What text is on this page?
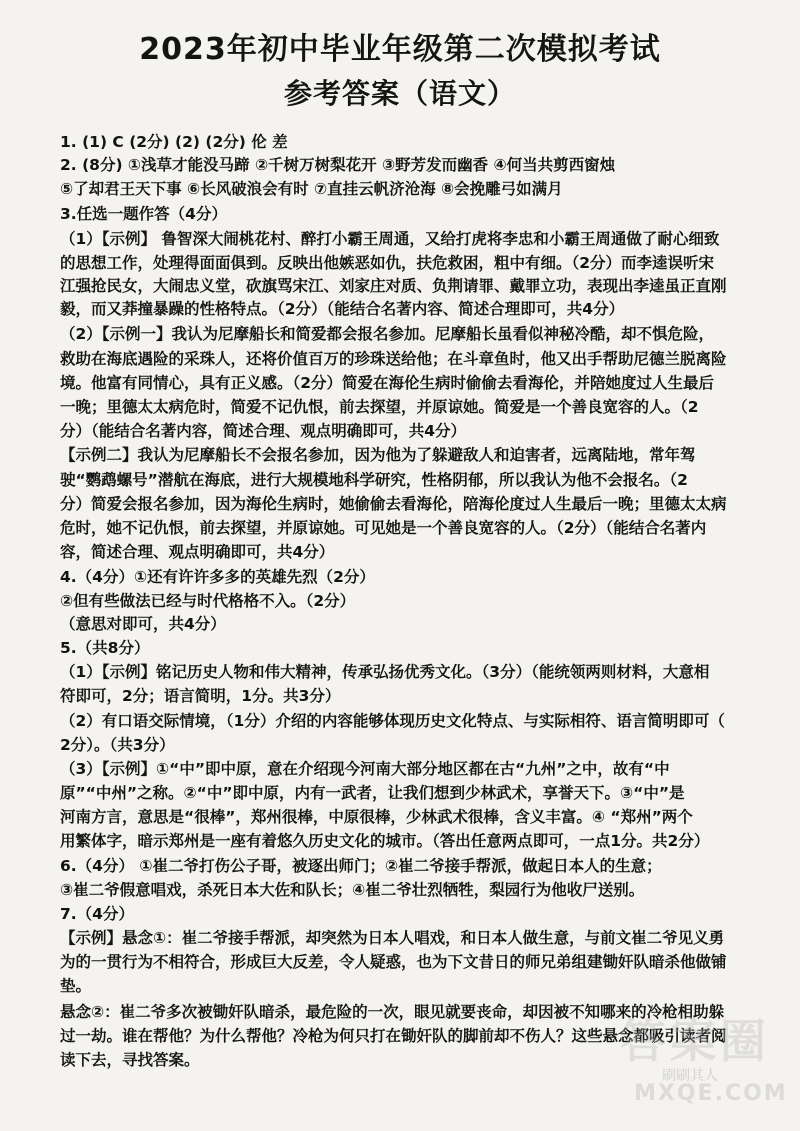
2023年初中毕业年级第二次模拟考试
参考答案（语文）
1. (1) C (2分) (2) (2分) 伦 差
2. (8分) ①浅草才能没马蹄 ②千树万树梨花开 ③野芳发而幽香 ④何当共剪西窗烛
⑤了却君王天下事 ⑥长风破浪会有时 ⑦直挂云帆济沧海 ⑧会挽雕弓如满月
3.任选一题作答（4分）
（1）【示例】 鲁智深大闹桃花村、醉打小霸王周通，又给打虎将李忠和小霸王周通做了耐心细致
的思想工作，处理得面面俱到。反映出他嫉恶如仇，扶危救困，粗中有细。（2分）而李逵误听宋
江强抢民女，大闹忠义堂，砍旗骂宋江、刘家庄对质、负荆请罪、戴罪立功，表现出李逵虽正直刚
毅，而又莽撞暴躁的性格特点。（2分）（能结合名著内容、简述合理即可，共4分）
（2）【示例一】我认为尼摩船长和简爱都会报名参加。尼摩船长虽看似神秘冷酷，却不惧危险，
救助在海底遇险的采珠人，还将价值百万的珍珠送给他；在斗章鱼时，他又出手帮助尼德兰脱离险
境。他富有同情心，具有正义感。（2分）简爱在海伦生病时偷偷去看海伦，并陪她度过人生最后
一晚；里德太太病危时，简爱不记仇恨，前去探望，并原谅她。简爱是一个善良宽容的人。（2
分）（能结合名著内容，简述合理、观点明确即可，共4分）
【示例二】我认为尼摩船长不会报名参加，因为他为了躲避敌人和迫害者，远离陆地，常年驾
驶“鹦鹉螺号”潜航在海底，进行大规模地科学研究，性格阴郁，所以我认为他不会报名。（2
分）简爱会报名参加，因为海伦生病时，她偷偷去看海伦，陪海伦度过人生最后一晚；里德太太病
危时，她不记仇恨，前去探望，并原谅她。可见她是一个善良宽容的人。（2分）（能结合名著内
容，简述合理、观点明确即可，共4分）
4.（4分）①还有许许多多的英雄先烈（2分）
②但有些做法已经与时代格格不入。（2分）
（意思对即可，共4分）
5.（共8分）
（1）【示例】铭记历史人物和伟大精神，传承弘扬优秀文化。（3分）（能统领两则材料，大意相
符即可，2分；语言简明，1分。共3分）
（2）有口语交际情境，（1分）介绍的内容能够体现历史文化特点、与实际相符、语言简明即可（
2分）。（共3分）
（3）【示例】①“中”即中原，意在介绍现今河南大部分地区都在古“九州”之中，故有“中
原”“中州”之称。②“中”即中原，内有一武者，让我们想到少林武术，享誉天下。③“中”是
河南方言，意思是“很棒”，郑州很棒，中原很棒，少林武术很棒，含义丰富。④ “郑州”两个
用繁体字，暗示郑州是一座有着悠久历史文化的城市。（答出任意两点即可，一点1分。共2分）
6.（4分） ①崔二爷打伤公子哥，被逐出师门；②崔二爷接手帮派，做起日本人的生意；
③崔二爷假意唱戏，杀死日本大佐和队长；④崔二爷壮烈牺牲，梨园行为他收尸送别。
7.（4分）
【示例】悬念①：崔二爷接手帮派，却突然为日本人唱戏，和日本人做生意，与前文崔二爷见义勇
为的一贯行为不相符合，形成巨大反差，令人疑惑，也为下文昔日的师兄弟组建锄奸队暗杀他做铺
垫。
悬念②：崔二爷多次被锄奸队暗杀，最危险的一次，眼见就要丧命，却因被不知哪来的冷枪相助躲
过一劫。谁在帮他？为什么帮他？冷枪为何只打在锄奸队的脚前却不伤人？这些悬念都吸引读者阅
读下去，寻找答案。	答案圈
刷刷其人
MXQE.COM
